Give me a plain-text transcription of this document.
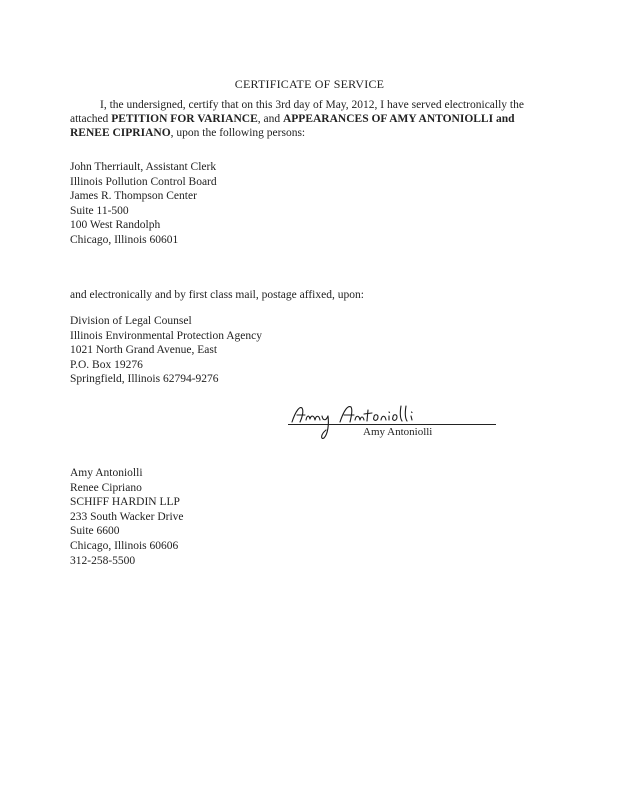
CERTIFICATE OF SERVICE
I, the undersigned, certify that on this 3rd day of May, 2012, I have served electronically the attached PETITION FOR VARIANCE, and APPEARANCES OF AMY ANTONIOLLI and RENEE CIPRIANO, upon the following persons:
John Therriault, Assistant Clerk
Illinois Pollution Control Board
James R. Thompson Center
Suite 11-500
100 West Randolph
Chicago, Illinois 60601
and electronically and by first class mail, postage affixed, upon:
Division of Legal Counsel
Illinois Environmental Protection Agency
1021 North Grand Avenue, East
P.O. Box 19276
Springfield, Illinois 62794-9276
Amy Antoniolli
Amy Antoniolli
Renee Cipriano
SCHIFF HARDIN LLP
233 South Wacker Drive
Suite 6600
Chicago, Illinois 60606
312-258-5500
